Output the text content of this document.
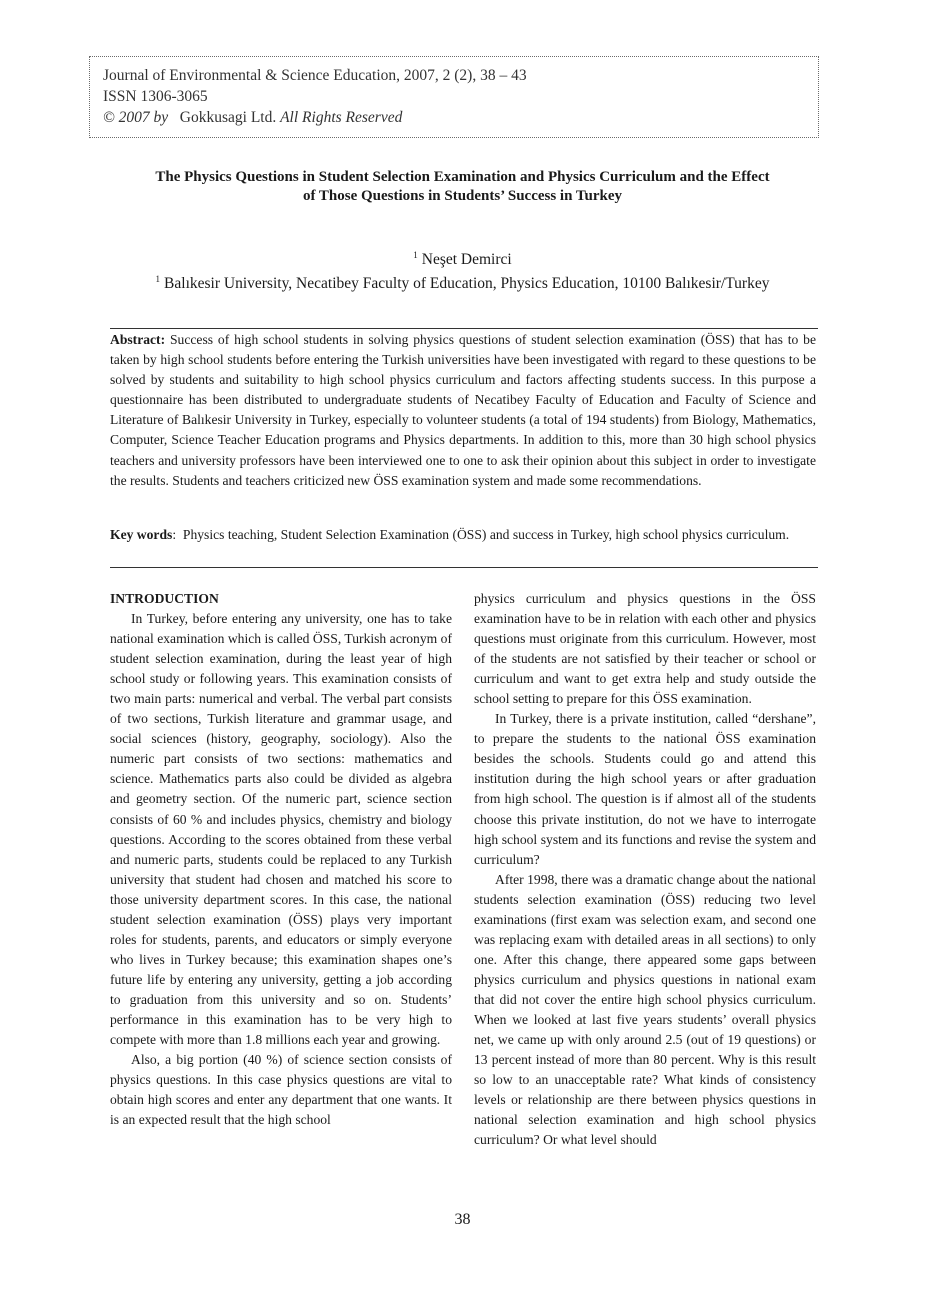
Journal of Environmental & Science Education, 2007, 2 (2), 38 – 43
ISSN 1306-3065
© 2007 by Gokkusagi Ltd. All Rights Reserved
The Physics Questions in Student Selection Examination and Physics Curriculum and the Effect
of Those Questions in Students’ Success in Turkey
$^1$ Neşet Demirci
$^1$ Balıkesir University, Necatibey Faculty of Education, Physics Education, 10100 Balıkesir/Turkey
Abstract: Success of high school students in solving physics questions of student selection examination (ÖSS) that has to be taken by high school students before entering the Turkish universities have been investigated with regard to these questions to be solved by students and suitability to high school physics curriculum and factors affecting students success. In this purpose a questionnaire has been distributed to undergraduate students of Necatibey Faculty of Education and Faculty of Science and Literature of Balıkesir University in Turkey, especially to volunteer students (a total of 194 students) from Biology, Mathematics, Computer, Science Teacher Education programs and Physics departments. In addition to this, more than 30 high school physics teachers and university professors have been interviewed one to one to ask their opinion about this subject in order to investigate the results. Students and teachers criticized new ÖSS examination system and made some recommendations.
Key words:  Physics teaching, Student Selection Examination (ÖSS) and success in Turkey, high school physics curriculum.
INTRODUCTION

In Turkey, before entering any university, one has to take national examination which is called ÖSS, Turkish acronym of student selection examination, during the least year of high school study or following years. This examination consists of two main parts: numerical and verbal. The verbal part consists of two sections, Turkish literature and grammar usage, and social sciences (history, geography, sociology). Also the numeric part consists of two sections: mathematics and science. Mathematics parts also could be divided as algebra and geometry section. Of the numeric part, science section consists of 60 % and includes physics, chemistry and biology questions. According to the scores obtained from these verbal and numeric parts, students could be replaced to any Turkish university that student had chosen and matched his score to those university department scores. In this case, the national student selection examination (ÖSS) plays very important roles for students, parents, and educators or simply everyone who lives in Turkey because; this examination shapes one’s future life by entering any university, getting a job according to graduation from this university and so on. Students’ performance in this examination has to be very high to compete with more than 1.8 millions each year and growing.

Also, a big portion (40 %) of science section consists of physics questions. In this case physics questions are vital to obtain high scores and enter any department that one wants. It is an expected result that the high school

physics curriculum and physics questions in the ÖSS examination have to be in relation with each other and physics questions must originate from this curriculum. However, most of the students are not satisfied by their teacher or school or curriculum and want to get extra help and study outside the school setting to prepare for this ÖSS examination.

In Turkey, there is a private institution, called “dershane”, to prepare the students to the national ÖSS examination besides the schools. Students could go and attend this institution during the high school years or after graduation from high school. The question is if almost all of the students choose this private institution, do not we have to interrogate high school system and its functions and revise the system and curriculum?

After 1998, there was a dramatic change about the national students selection examination (ÖSS) reducing two level examinations (first exam was selection exam, and second one was replacing exam with detailed areas in all sections) to only one. After this change, there appeared some gaps between physics curriculum and physics questions in national exam that did not cover the entire high school physics curriculum. When we looked at last five years students’ overall physics net, we came up with only around 2.5 (out of 19 questions) or 13 percent instead of more than 80 percent. Why is this result so low to an unacceptable rate? What kinds of consistency levels or relationship are there between physics questions in national selection examination and high school physics curriculum? Or what level should

38
